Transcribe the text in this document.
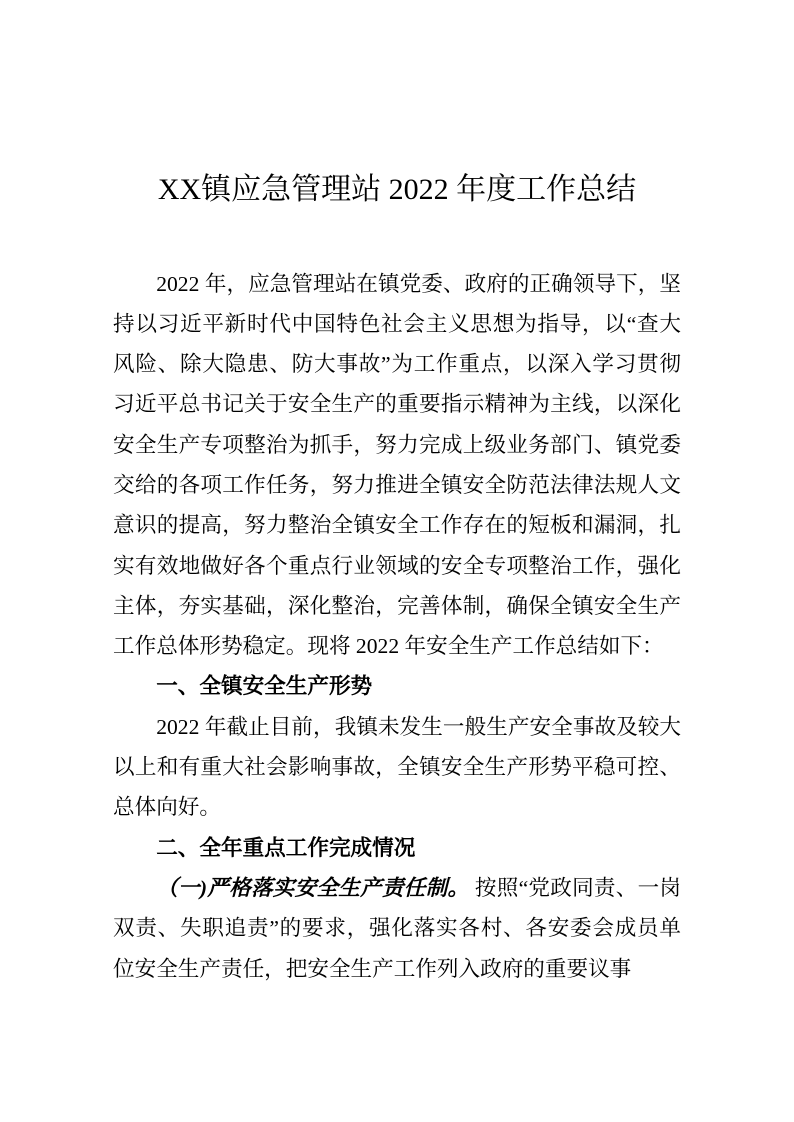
XX镇应急管理站 2022 年度工作总结
2022 年，应急管理站在镇党委、政府的正确领导下，坚持以习近平新时代中国特色社会主义思想为指导，以“查大风险、除大隐患、防大事故”为工作重点，以深入学习贯彻习近平总书记关于安全生产的重要指示精神为主线，以深化安全生产专项整治为抓手，努力完成上级业务部门、镇党委交给的各项工作任务，努力推进全镇安全防范法律法规人文意识的提高，努力整治全镇安全工作存在的短板和漏洞，扎实有效地做好各个重点行业领域的安全专项整治工作，强化主体，夯实基础，深化整治，完善体制，确保全镇安全生产工作总体形势稳定。现将 2022 年安全生产工作总结如下：
一、全镇安全生产形势
2022 年截止目前，我镇未发生一般生产安全事故及较大以上和有重大社会影响事故，全镇安全生产形势平稳可控、总体向好。
二、全年重点工作完成情况
（一)严格落实安全生产责任制。 按照“党政同责、一岗双责、失职追责”的要求，强化落实各村、各安委会成员单位安全生产责任，把安全生产工作列入政府的重要议事
